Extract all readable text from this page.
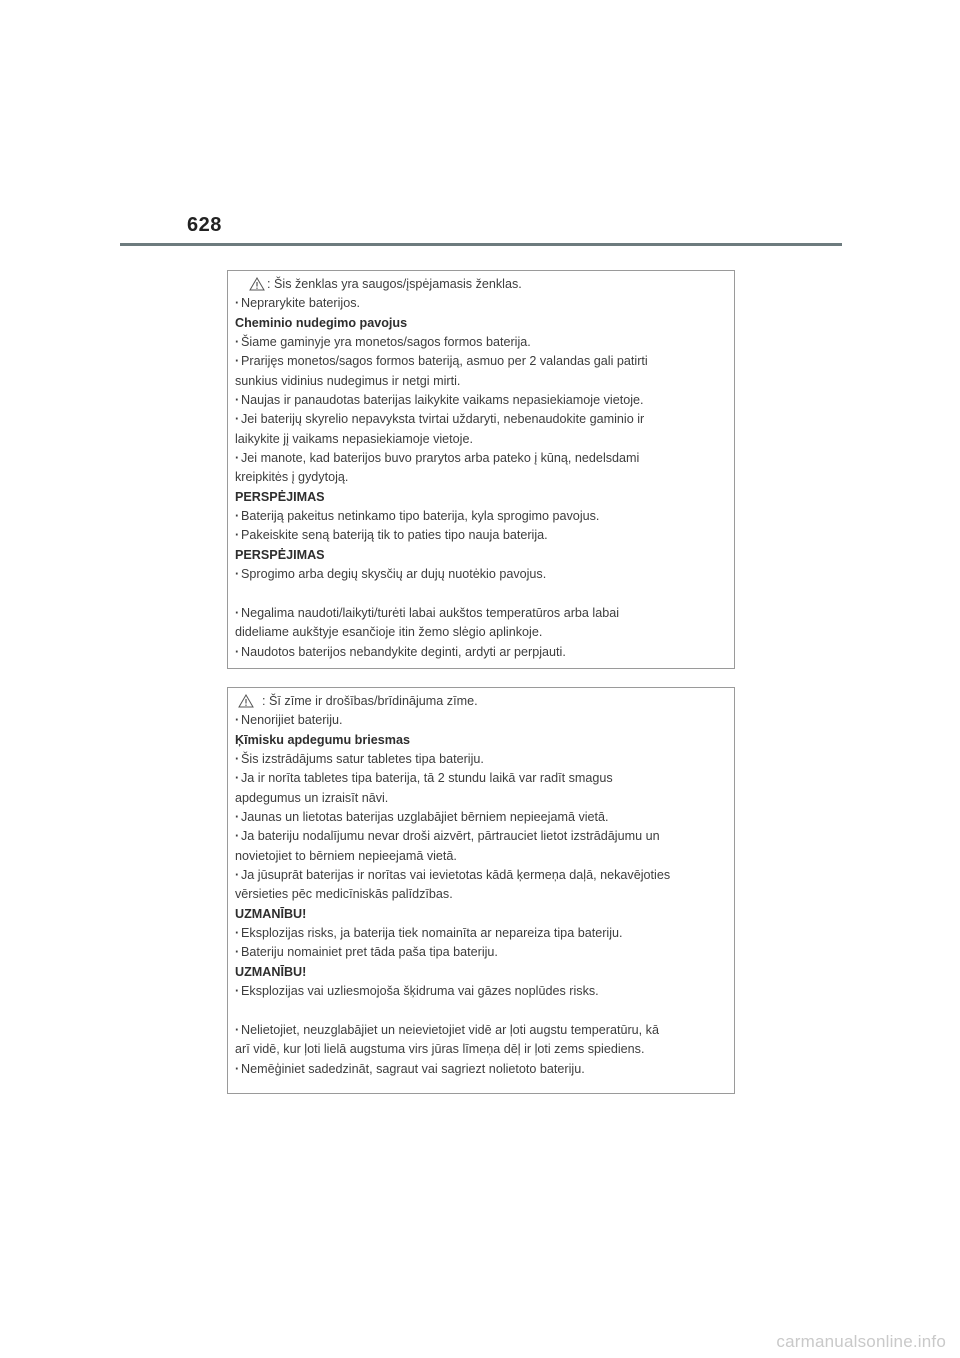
628
: Šis ženklas yra saugos/įspėjamasis ženklas.
· Neprarykite baterijos.
Cheminio nudegimo pavojus
· Šiame gaminyje yra monetos/sagos formos baterija.
· Prarijęs monetos/sagos formos bateriją, asmuo per 2 valandas gali patirti
sunkius vidinius nudegimus ir netgi mirti.
· Naujas ir panaudotas baterijas laikykite vaikams nepasiekiamoje vietoje.
· Jei baterijų skyrelio nepavyksta tvirtai uždaryti, nebenaudokite gaminio ir
laikykite jį vaikams nepasiekiamoje vietoje.
· Jei manote, kad baterijos buvo prarytos arba pateko į kūną, nedelsdami
kreipkitės į gydytoją.
PERSPĖJIMAS
· Bateriją pakeitus netinkamo tipo baterija, kyla sprogimo pavojus.
· Pakeiskite seną bateriją tik to paties tipo nauja baterija.
PERSPĖJIMAS
· Sprogimo arba degių skysčių ar dujų nuotėkio pavojus.
· Negalima naudoti/laikyti/turėti labai aukštos temperatūros arba labai
dideliame aukštyje esančioje itin žemo slėgio aplinkoje.
· Naudotos baterijos nebandykite deginti, ardyti ar perpjauti.
: Šī zīme ir drošības/brīdinājuma zīme.
· Nenorijiet bateriju.
Ķīmisku apdegumu briesmas
· Šis izstrādājums satur tabletes tipa bateriju.
· Ja ir norīta tabletes tipa baterija, tā 2 stundu laikā var radīt smagus
apdegumus un izraisīt nāvi.
· Jaunas un lietotas baterijas uzglabājiet bērniem nepieejamā vietā.
· Ja bateriju nodalījumu nevar droši aizvērt, pārtrauciet lietot izstrādājumu un
novietojiet to bērniem nepieejamā vietā.
· Ja jūsuprāt baterijas ir norītas vai ievietotas kādā ķermeņa daļā, nekavējoties
vērsieties pēc medicīniskās palīdzības.
UZMANĪBU!
· Eksplozijas risks, ja baterija tiek nomainīta ar nepareiza tipa bateriju.
· Bateriju nomainiet pret tāda paša tipa bateriju.
UZMANĪBU!
· Eksplozijas vai uzliesmojoša šķidruma vai gāzes noplūdes risks.
· Nelietojiet, neuzglabājiet un neievietojiet vidē ar ļoti augstu temperatūru, kā
arī vidē, kur ļoti lielā augstuma virs jūras līmeņa dēļ ir ļoti zems spiediens.
· Nemēģiniet sadedzināt, sagraut vai sagriezt nolietoto bateriju.
carmanualsonline.info
